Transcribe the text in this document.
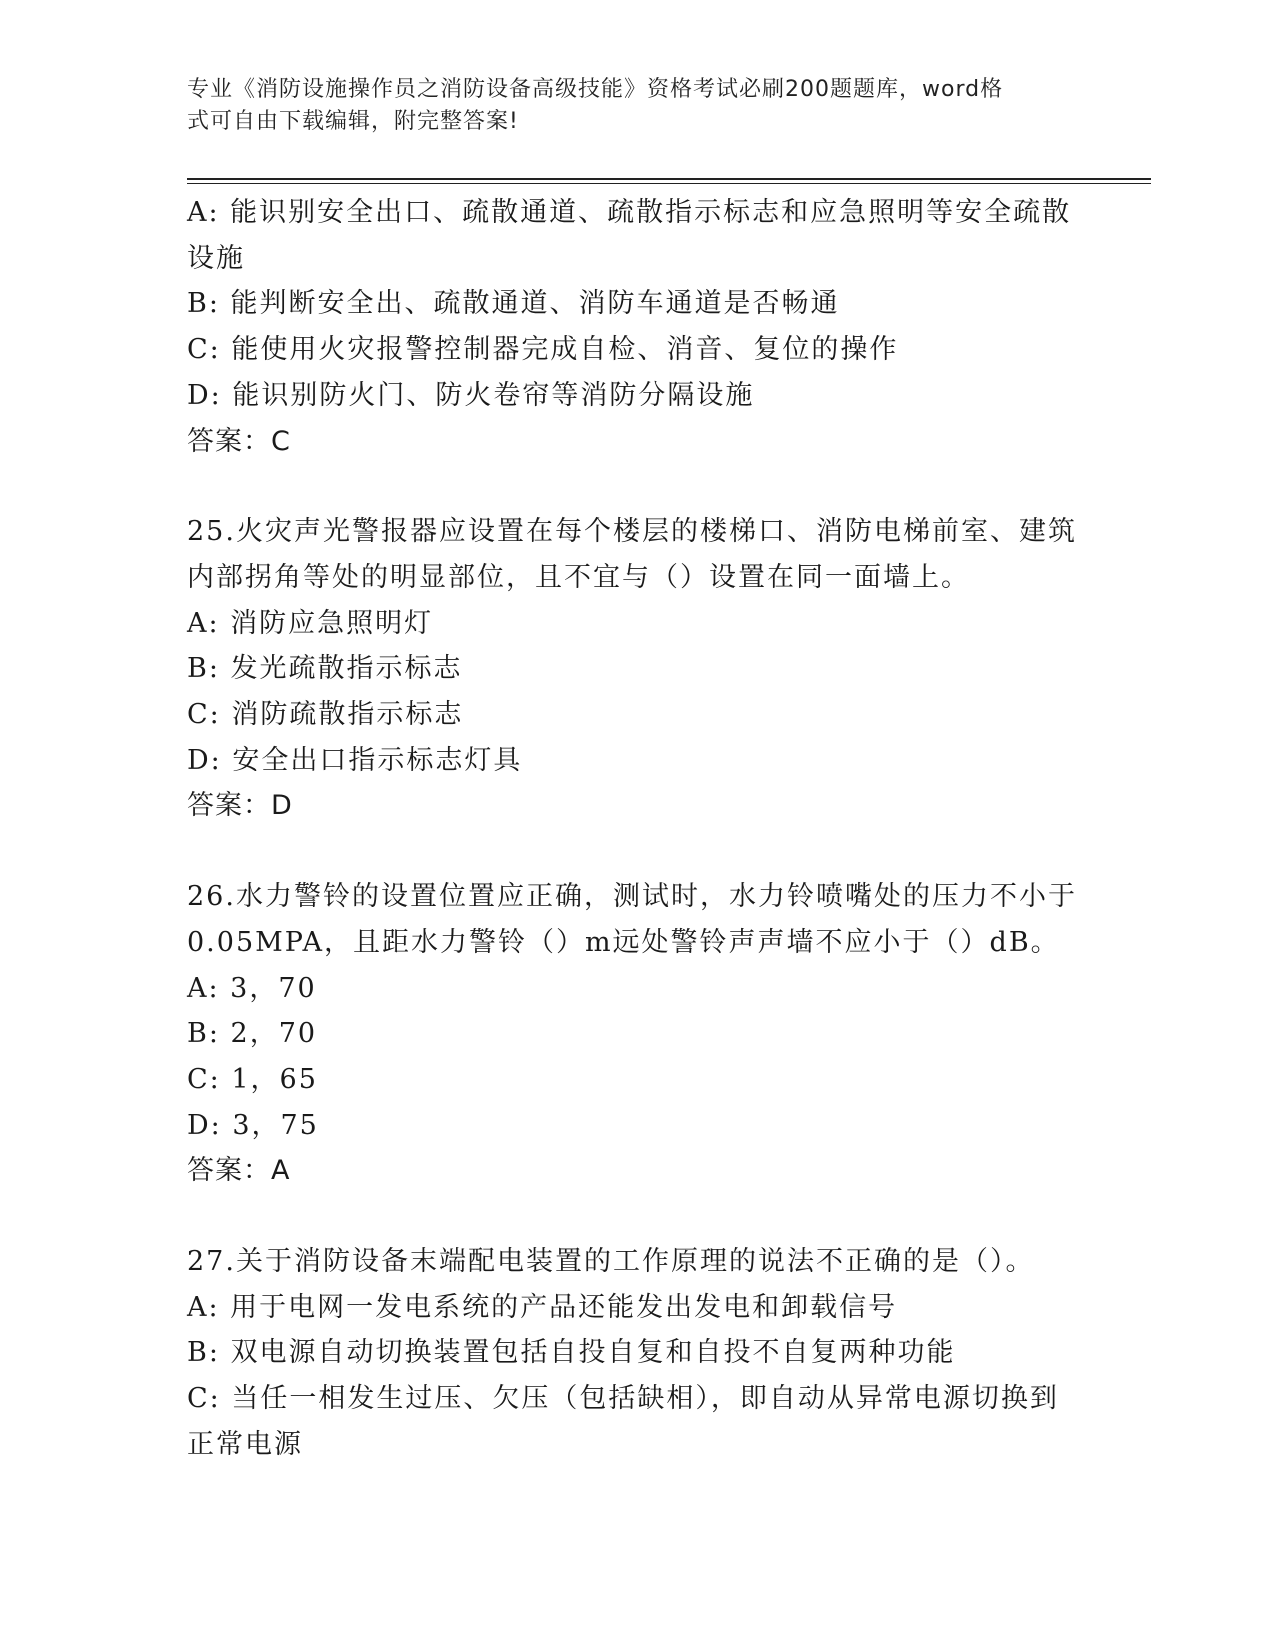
专业《消防设施操作员之消防设备高级技能》资格考试必刷200题题库，word格
式可自由下载编辑，附完整答案!
A: 能识别安全出口、疏散通道、疏散指示标志和应急照明等安全疏散
设施
B: 能判断安全出、疏散通道、消防车通道是否畅通
C: 能使用火灾报警控制器完成自检、消音、复位的操作
D: 能识别防火门、防火卷帘等消防分隔设施
答案：C
25.火灾声光警报器应设置在每个楼层的楼梯口、消防电梯前室、建筑
内部拐角等处的明显部位，且不宜与（）设置在同一面墙上。
A: 消防应急照明灯
B: 发光疏散指示标志
C: 消防疏散指示标志
D: 安全出口指示标志灯具
答案：D
26.水力警铃的设置位置应正确，测试时，水力铃喷嘴处的压力不小于
0.05MPA，且距水力警铃（）m远处警铃声声墙不应小于（）dB。
A: 3，70
B: 2，70
C: 1，65
D: 3，75
答案：A
27.关于消防设备末端配电装置的工作原理的说法不正确的是（）。
A: 用于电网一发电系统的产品还能发出发电和卸载信号
B: 双电源自动切换装置包括自投自复和自投不自复两种功能
C: 当任一相发生过压、欠压（包括缺相），即自动从异常电源切换到
正常电源
